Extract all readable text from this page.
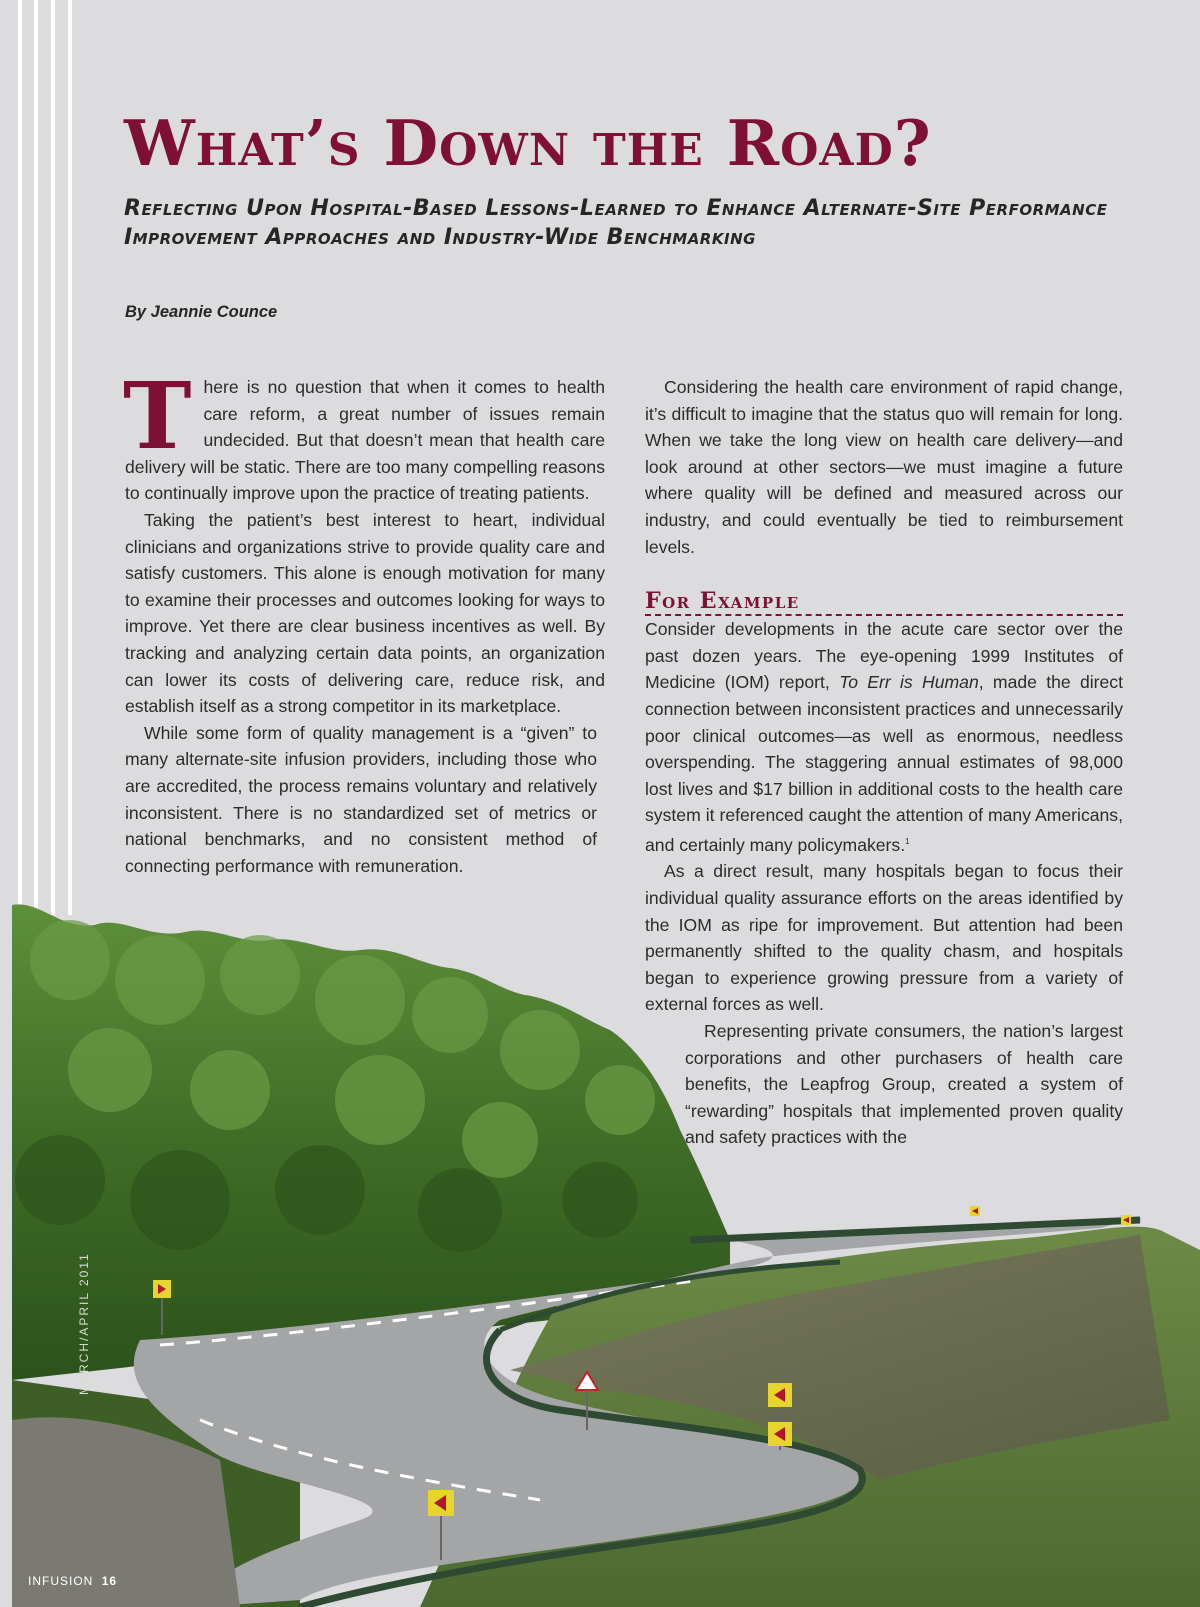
What’s Down the Road?
Reflecting Upon Hospital-Based Lessons-Learned to Enhance Alternate-Site Performance Improvement Approaches and Industry-Wide Benchmarking
By Jeannie Counce

There is no question that when it comes to health care reform, a great number of issues remain undecided. But that doesn’t mean that health care delivery will be static. There are too many compelling reasons to continually improve upon the practice of treating patients.

Taking the patient’s best interest to heart, individual clinicians and organizations strive to provide quality care and satisfy customers. This alone is enough motivation for many to examine their processes and outcomes looking for ways to improve. Yet there are clear business incentives as well. By tracking and analyzing certain data points, an organization can lower its costs of delivering care, reduce risk, and establish itself as a strong competitor in its marketplace.

While some form of quality management is a “given” to many alternate-site infusion providers, including those who are accredited, the process remains voluntary and relatively inconsistent. There is no standardized set of metrics or national benchmarks, and no consistent method of connecting performance with remuneration.

Considering the health care environment of rapid change, it’s difficult to imagine that the status quo will remain for long. When we take the long view on health care delivery—and look around at other sectors—we must imagine a future where quality will be defined and measured across our industry, and could eventually be tied to reimbursement levels.

For Example

Consider developments in the acute care sector over the past dozen years. The eye-opening 1999 Institutes of Medicine (IOM) report, To Err is Human, made the direct connection between inconsistent practices and unnecessarily poor clinical outcomes—as well as enormous, needless overspending. The staggering annual estimates of 98,000 lost lives and $17 billion in additional costs to the health care system it referenced caught the attention of many Americans, and certainly many policymakers.$^1$

As a direct result, many hospitals began to focus their individual quality assurance efforts on the areas identified by the IOM as ripe for improvement. But attention had been permanently shifted to the quality chasm, and hospitals began to experience growing pressure from a variety of external forces as well.

Representing private consumers, the nation’s largest corporations and other purchasers of health care benefits, the Leapfrog Group, created a system of “rewarding” hospitals that implemented proven quality and safety practices with the

MARCH/APRIL 2011
INFUSION 16
